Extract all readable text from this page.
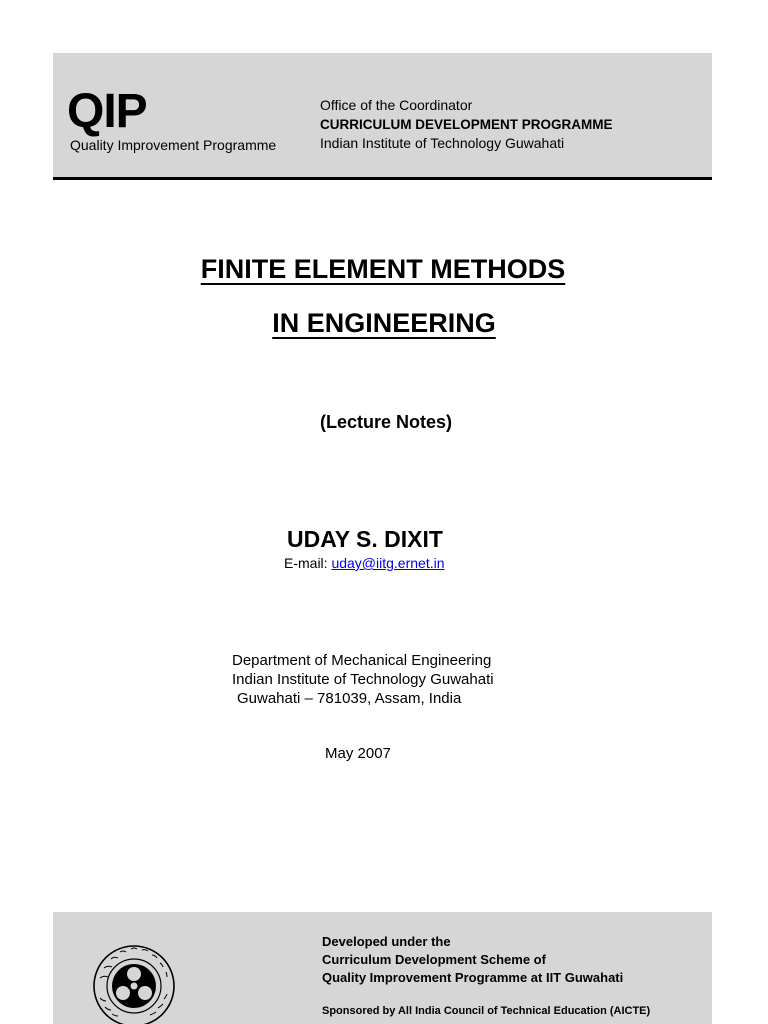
QIP
Quality Improvement Programme
Office of the Coordinator
CURRICULUM DEVELOPMENT PROGRAMME
Indian Institute of Technology Guwahati
FINITE ELEMENT METHODS
IN ENGINEERING
(Lecture Notes)
UDAY S. DIXIT
E-mail: uday@iitg.ernet.in
Department of Mechanical Engineering
Indian Institute of Technology Guwahati
Guwahati – 781039, Assam, India
May 2007
Developed under the
Curriculum Development Scheme of
Quality Improvement Programme at IIT Guwahati
Sponsored by All India Council of Technical Education (AICTE)
